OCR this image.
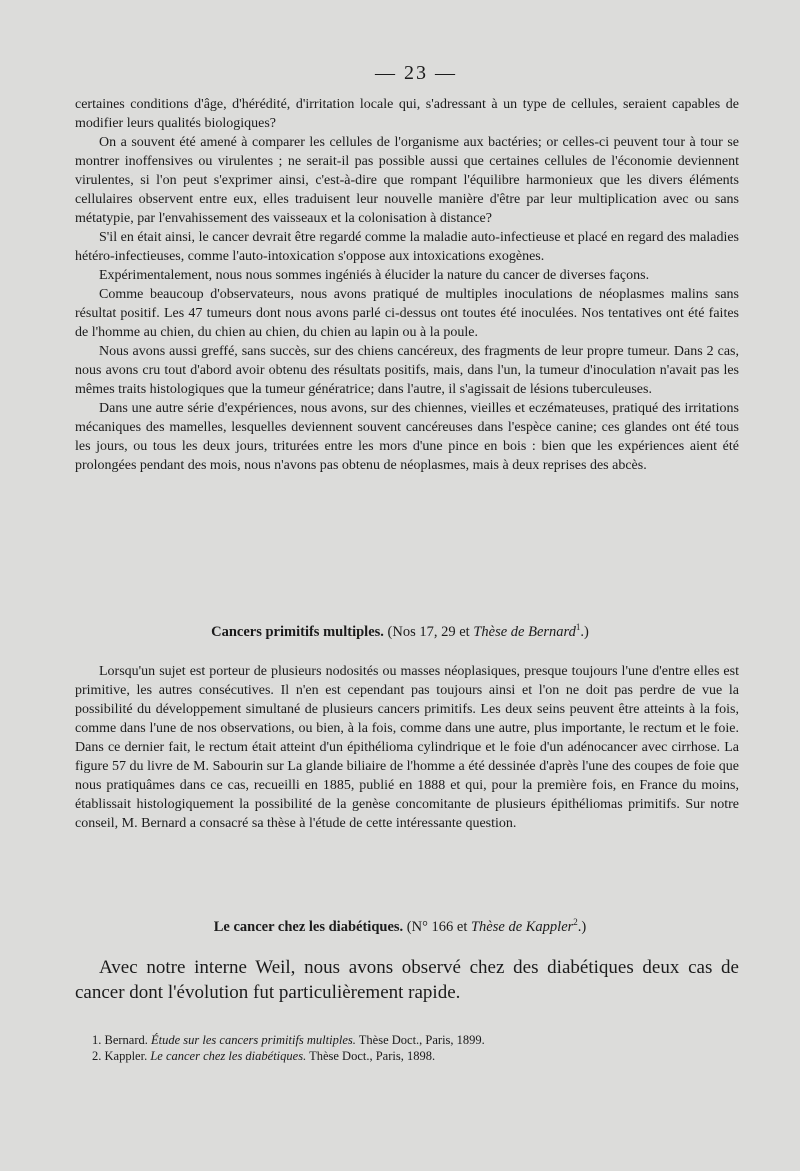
— 23 —

certaines conditions d'âge, d'hérédité, d'irritation locale qui, s'adressant à un type de cellules, seraient capables de modifier leurs qualités biologiques?

On a souvent été amené à comparer les cellules de l'organisme aux bactéries; or celles-ci peuvent tour à tour se montrer inoffensives ou virulentes ; ne serait-il pas possible aussi que certaines cellules de l'économie deviennent virulentes, si l'on peut s'exprimer ainsi, c'est-à-dire que rompant l'équilibre harmonieux que les divers éléments cellulaires observent entre eux, elles traduisent leur nouvelle manière d'être par leur multiplication avec ou sans métatypie, par l'envahissement des vaisseaux et la colonisation à distance?

S'il en était ainsi, le cancer devrait être regardé comme la maladie auto-infectieuse et placé en regard des maladies hétéro-infectieuses, comme l'auto-intoxication s'oppose aux intoxications exogènes.

Expérimentalement, nous nous sommes ingéniés à élucider la nature du cancer de diverses façons.

Comme beaucoup d'observateurs, nous avons pratiqué de multiples inoculations de néoplasmes malins sans résultat positif. Les 47 tumeurs dont nous avons parlé ci-dessus ont toutes été inoculées. Nos tentatives ont été faites de l'homme au chien, du chien au chien, du chien au lapin ou à la poule.

Nous avons aussi greffé, sans succès, sur des chiens cancéreux, des fragments de leur propre tumeur. Dans 2 cas, nous avons cru tout d'abord avoir obtenu des résultats positifs, mais, dans l'un, la tumeur d'inoculation n'avait pas les mêmes traits histologiques que la tumeur génératrice; dans l'autre, il s'agissait de lésions tuberculeuses.

Dans une autre série d'expériences, nous avons, sur des chiennes, vieilles et eczémateuses, pratiqué des irritations mécaniques des mamelles, lesquelles deviennent souvent cancéreuses dans l'espèce canine; ces glandes ont été tous les jours, ou tous les deux jours, triturées entre les mors d'une pince en bois : bien que les expériences aient été prolongées pendant des mois, nous n'avons pas obtenu de néoplasmes, mais à deux reprises des abcès.

Cancers primitifs multiples. (Nos 17, 29 et Thèse de Bernard$^1$.)

Lorsqu'un sujet est porteur de plusieurs nodosités ou masses néoplasiques, presque toujours l'une d'entre elles est primitive, les autres consécutives. Il n'en est cependant pas toujours ainsi et l'on ne doit pas perdre de vue la possibilité du développement simultané de plusieurs cancers primitifs. Les deux seins peuvent être atteints à la fois, comme dans l'une de nos observations, ou bien, à la fois, comme dans une autre, plus importante, le rectum et le foie. Dans ce dernier fait, le rectum était atteint d'un épithélioma cylindrique et le foie d'un adénocancer avec cirrhose. La figure 57 du livre de M. Sabourin sur La glande biliaire de l'homme a été dessinée d'après l'une des coupes de foie que nous pratiquâmes dans ce cas, recueilli en 1885, publié en 1888 et qui, pour la première fois, en France du moins, établissait histologiquement la possibilité de la genèse concomitante de plusieurs épithéliomas primitifs. Sur notre conseil, M. Bernard a consacré sa thèse à l'étude de cette intéressante question.

Le cancer chez les diabétiques. (N° 166 et Thèse de Kappler$^2$.)

Avec notre interne Weil, nous avons observé chez des diabétiques deux cas de cancer dont l'évolution fut particulièrement rapide.

1. Bernard. Étude sur les cancers primitifs multiples. Thèse Doct., Paris, 1899.
2. Kappler. Le cancer chez les diabétiques. Thèse Doct., Paris, 1898.
